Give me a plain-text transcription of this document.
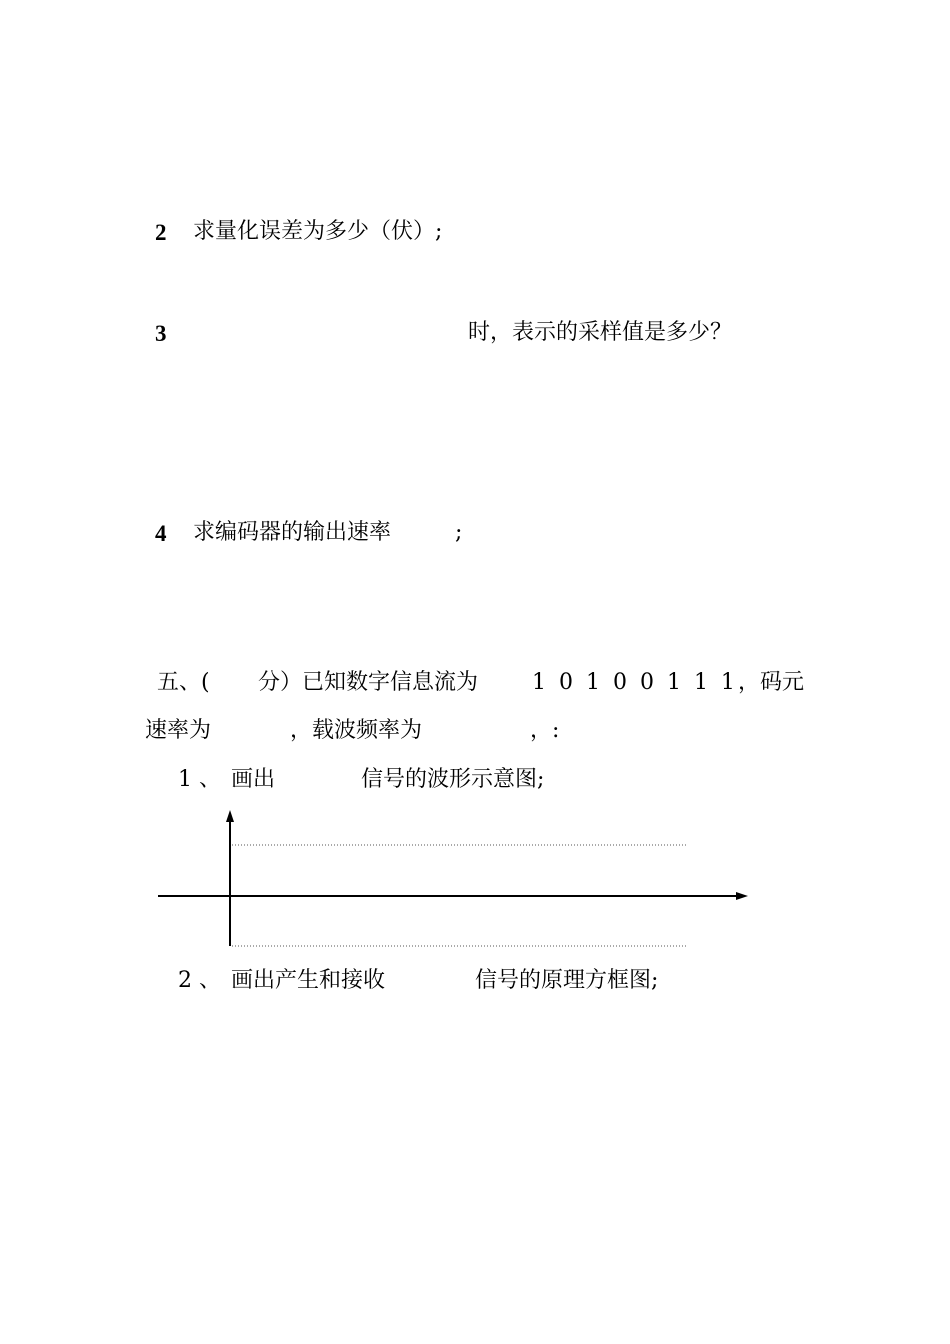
2 求量化误差为多少（伏）;
3	时，表示的采样值是多少？
4 求编码器的输出速率	;
五、( 分）已知数字信息流为 1 0 1 0 0 1 1 1 ，码元
速率为	，载波频率为	，:
1 、 画出	信号的波形示意图;
2 、 画出产生和接收	信号的原理方框图;
